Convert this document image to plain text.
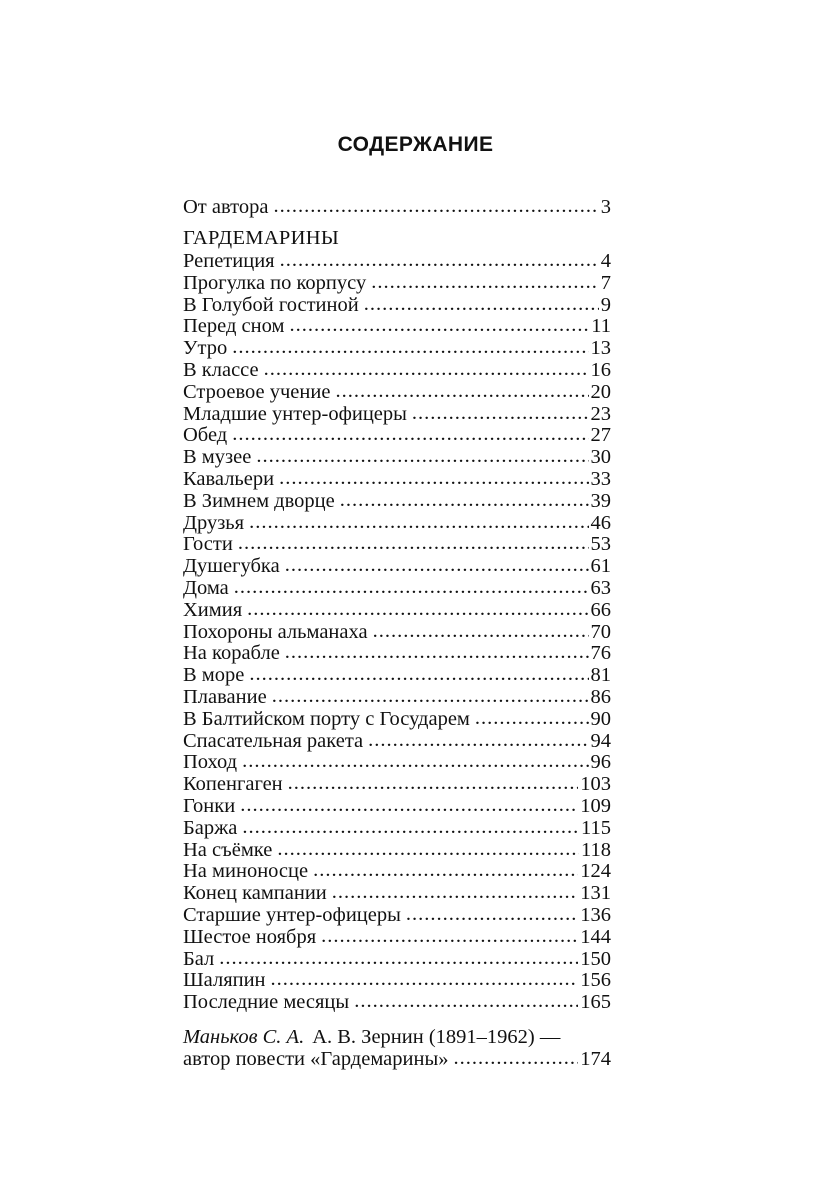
СОДЕРЖАНИЕ
От автора .....	3
ГАРДЕМАРИНЫ
Репетиция .....	4
Прогулка по корпусу .....	7
В Голубой гостиной .....	9
Перед сном .....	11
Утро .....	13
В классе .....	16
Строевое учение .....	20
Младшие унтер-офицеры .....	23
Обед .....	27
В музее .....	30
Кавальери .....	33
В Зимнем дворце .....	39
Друзья .....	46
Гости .....	53
Душегубка .....	61
Дома .....	63
Химия .....	66
Похороны альманаха .....	70
На корабле .....	76
В море .....	81
Плавание .....	86
В Балтийском порту с Государем .....	90
Спасательная ракета .....	94
Поход .....	96
Копенгаген .....	103
Гонки .....	109
Баржа .....	115
На съёмке .....	118
На миноносце .....	124
Конец кампании .....	131
Старшие унтер-офицеры .....	136
Шестое ноября .....	144
Бал .....	150
Шаляпин .....	156
Последние месяцы .....	165
Маньков С. А. А. В. Зернин (1891–1962) —
автор повести «Гардемарины» .....	174
